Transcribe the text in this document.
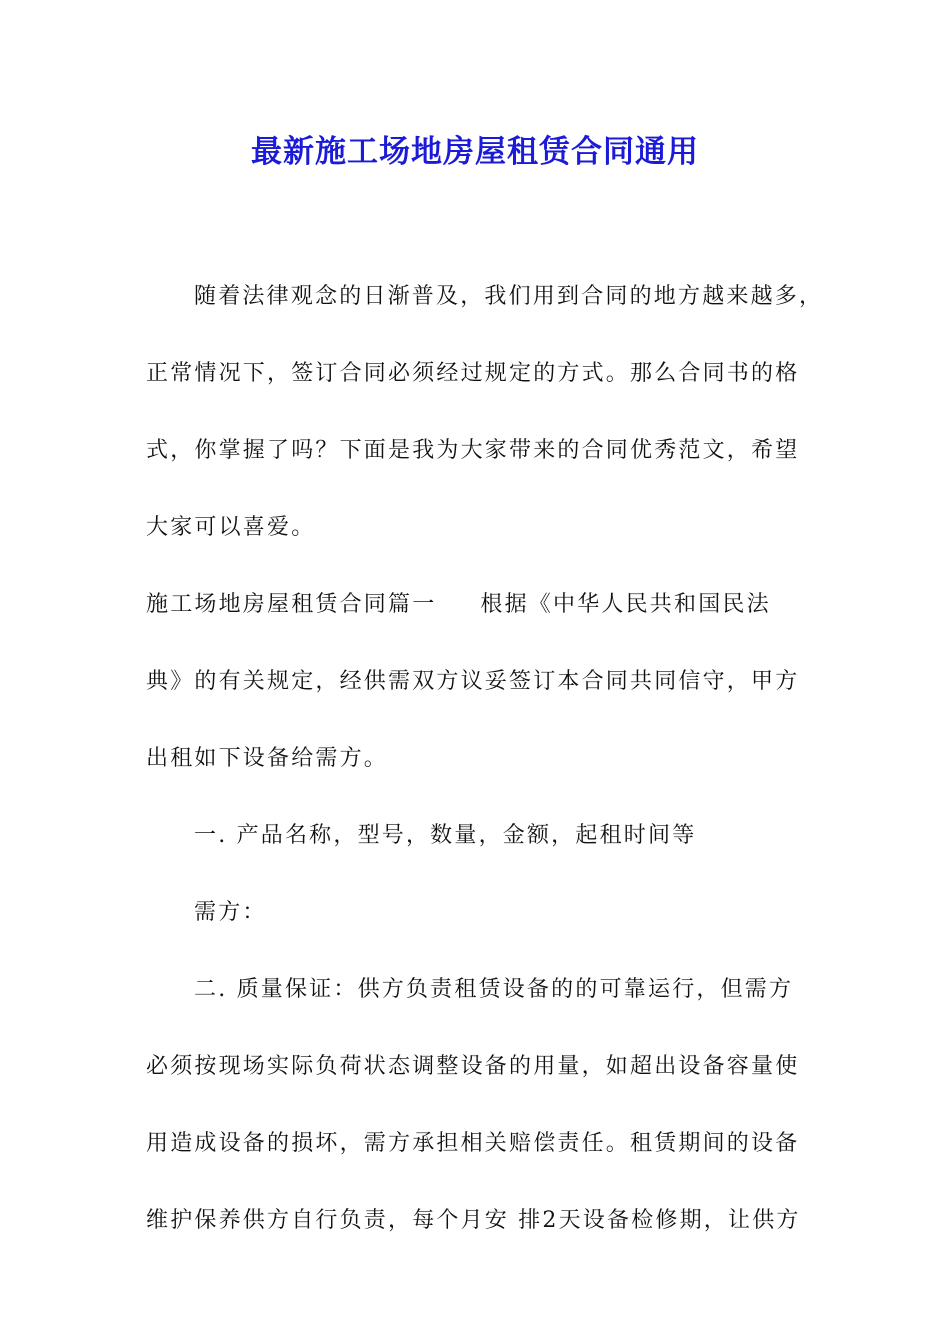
最新施工场地房屋租赁合同通用
随着法律观念的日渐普及，我们用到合同的地方越来越多，
正常情况下，签订合同必须经过规定的方式。那么合同书的格
式，你掌握了吗？下面是我为大家带来的合同优秀范文，希望
大家可以喜爱。
施工场地房屋租赁合同篇一 根据《中华人民共和国民法
典》的有关规定，经供需双方议妥签订本合同共同信守，甲方
出租如下设备给需方。
一. 产品名称，型号，数量，金额，起租时间等
需方：
二. 质量保证：供方负责租赁设备的的可靠运行，但需方
必须按现场实际负荷状态调整设备的用量，如超出设备容量使
用造成设备的损坏，需方承担相关赔偿责任。租赁期间的设备
维护保养供方自行负责，每个月安 排2天设备检修期，让供方
